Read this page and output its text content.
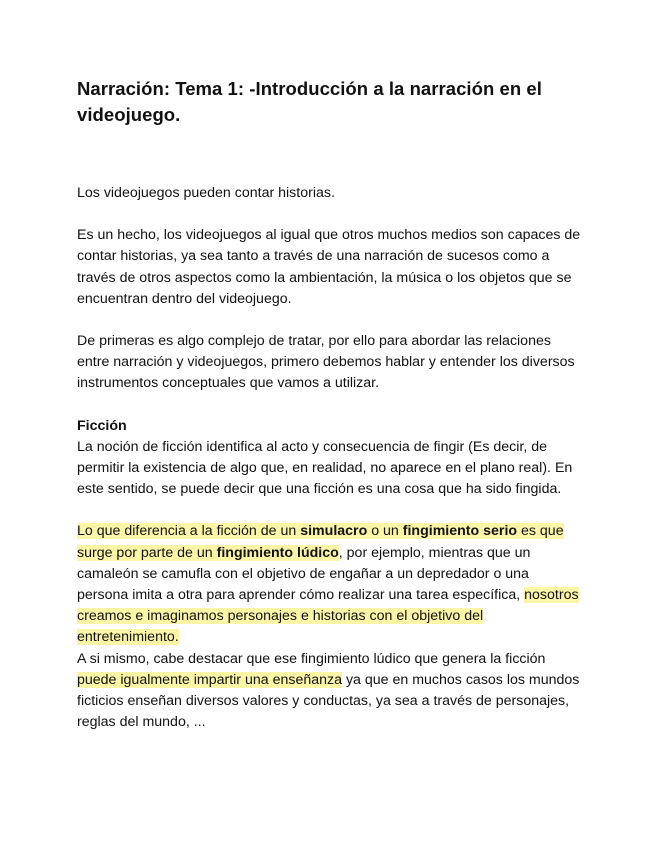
Narración: Tema 1: -Introducción a la narración en el videojuego.

Los videojuegos pueden contar historias.

Es un hecho, los videojuegos al igual que otros muchos medios son capaces de contar historias, ya sea tanto a través de una narración de sucesos como a través de otros aspectos como la ambientación, la música o los objetos que se encuentran dentro del videojuego.

De primeras es algo complejo de tratar, por ello para abordar las relaciones entre narración y videojuegos, primero debemos hablar y entender los diversos instrumentos conceptuales que vamos a utilizar.

Ficción

La noción de ficción identifica al acto y consecuencia de fingir (Es decir, de permitir la existencia de algo que, en realidad, no aparece en el plano real). En este sentido, se puede decir que una ficción es una cosa que ha sido fingida.

Lo que diferencia a la ficción de un simulacro o un fingimiento serio es que surge por parte de un fingimiento lúdico, por ejemplo, mientras que un camaleón se camufla con el objetivo de engañar a un depredador o una persona imita a otra para aprender cómo realizar una tarea específica, nosotros creamos e imaginamos personajes e historias con el objetivo del entretenimiento.

A si mismo, cabe destacar que ese fingimiento lúdico que genera la ficción puede igualmente impartir una enseñanza ya que en muchos casos los mundos ficticios enseñan diversos valores y conductas, ya sea a través de personajes, reglas del mundo, ...
